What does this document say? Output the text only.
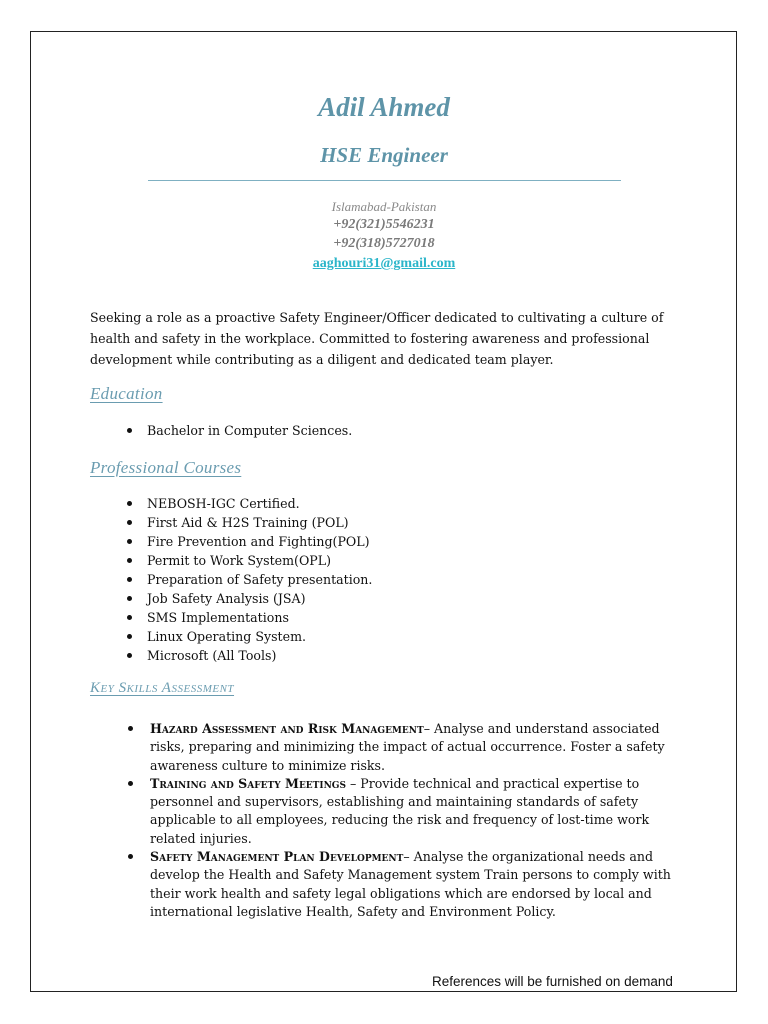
Adil Ahmed
HSE Engineer
Islamabad-Pakistan
+92(321)5546231
+92(318)5727018
aaghouri31@gmail.com
Seeking a role as a proactive Safety Engineer/Officer dedicated to cultivating a culture of health and safety in the workplace. Committed to fostering awareness and professional development while contributing as a diligent and dedicated team player.
Education
Bachelor in Computer Sciences.
Professional Courses
NEBOSH-IGC Certified.
First Aid & H2S Training (POL)
Fire Prevention and Fighting(POL)
Permit to Work System(OPL)
Preparation of Safety presentation.
Job Safety Analysis (JSA)
SMS Implementations
Linux Operating System.
Microsoft (All Tools)
Key Skills Assessment
Hazard Assessment and Risk Management– Analyse and understand associated risks, preparing and minimizing the impact of actual occurrence. Foster a safety awareness culture to minimize risks.
Training and Safety Meetings – Provide technical and practical expertise to personnel and supervisors, establishing and maintaining standards of safety applicable to all employees, reducing the risk and frequency of lost-time work related injuries.
Safety Management Plan Development– Analyse the organizational needs and develop the Health and Safety Management system Train persons to comply with their work health and safety legal obligations which are endorsed by local and international legislative Health, Safety and Environment Policy.
References will be furnished on demand
